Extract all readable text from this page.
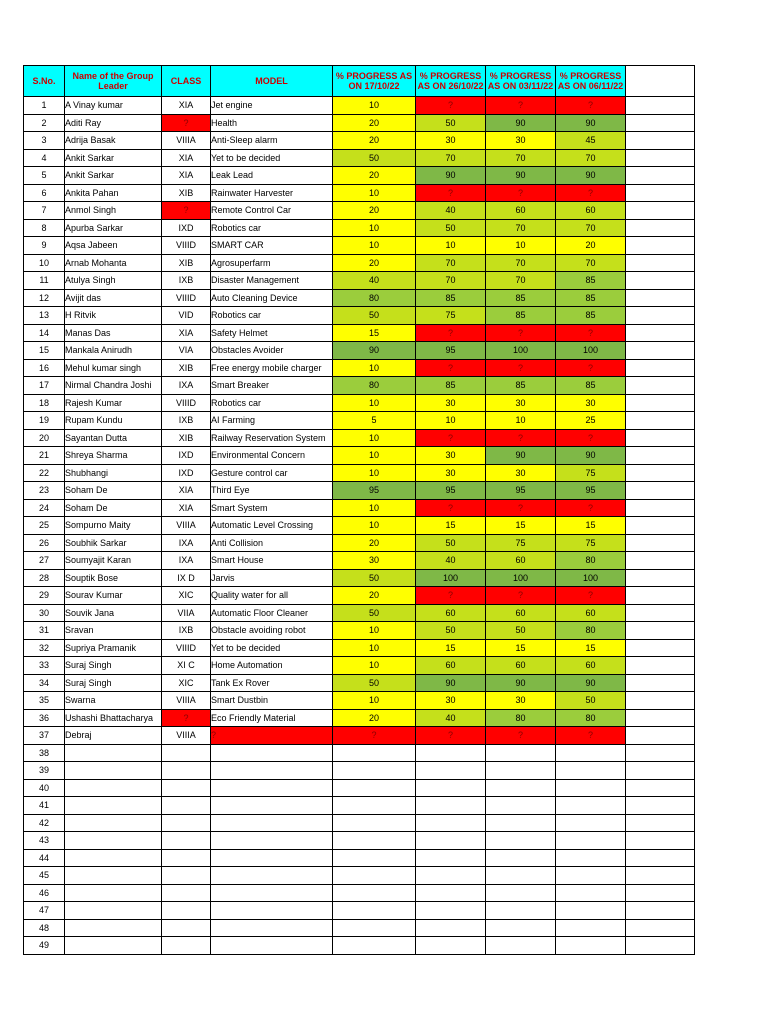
S.No.	Name of the Group Leader	CLASS	MODEL	% PROGRESS AS ON 17/10/22	% PROGRESS AS ON 26/10/22	% PROGRESS AS ON 03/11/22	% PROGRESS AS ON 06/11/22	
1	A Vinay kumar	XIA	Jet engine	10	?	?	?	
2	Aditi Ray	?	Health	20	50	90	90	
3	Adrija Basak	VIIIA	Anti-Sleep alarm	20	30	30	45	
4	Ankit Sarkar	XIA	Yet to be decided	50	70	70	70	
5	Ankit Sarkar	XIA	Leak Lead	20	90	90	90	
6	Ankita Pahan	XIB	Rainwater Harvester	10	?	?	?	
7	Anmol Singh	?	Remote Control Car	20	40	60	60	
8	Apurba Sarkar	IXD	Robotics car	10	50	70	70	
9	Aqsa Jabeen	VIIID	SMART CAR	10	10	10	20	
10	Arnab Mohanta	XIB	Agrosuperfarm	20	70	70	70	
11	Atulya Singh	IXB	Disaster Management	40	70	70	85	
12	Avijit das	VIIID	Auto Cleaning Device	80	85	85	85	
13	H Ritvik	VID	Robotics car	50	75	85	85	
14	Manas Das	XIA	Safety Helmet	15	?	?	?	
15	Mankala Anirudh	VIA	Obstacles Avoider	90	95	100	100	
16	Mehul kumar singh	XIB	Free energy mobile charger	10	?	?	?	
17	Nirmal Chandra Joshi	IXA	Smart Breaker	80	85	85	85	
18	Rajesh Kumar	VIIID	Robotics car	10	30	30	30	
19	Rupam Kundu	IXB	AI Farming	5	10	10	25	
20	Sayantan Dutta	XIB	Railway Reservation System	10	?	?	?	
21	Shreya Sharma	IXD	Environmental Concern	10	30	90	90	
22	Shubhangi	IXD	Gesture control car	10	30	30	75	
23	Soham De	XIA	Third Eye	95	95	95	95	
24	Soham De	XIA	Smart System	10	?	?	?	
25	Sompurno Maity	VIIIA	Automatic Level Crossing	10	15	15	15	
26	Soubhik Sarkar	IXA	Anti Collision	20	50	75	75	
27	Soumyajit Karan	IXA	Smart House	30	40	60	80	
28	Souptik Bose	IX D	Jarvis	50	100	100	100	
29	Sourav Kumar	XIC	Quality water for all	20	?	?	?	
30	Souvik Jana	VIIA	Automatic Floor Cleaner	50	60	60	60	
31	Sravan	IXB	Obstacle avoiding robot	10	50	50	80	
32	Supriya Pramanik	VIIID	Yet to be decided	10	15	15	15	
33	Suraj Singh	XI C	Home Automation	10	60	60	60	
34	Suraj Singh	XIC	Tank Ex Rover	50	90	90	90	
35	Swarna	VIIIA	Smart Dustbin	10	30	30	50	
36	Ushashi Bhattacharya	?	Eco Friendly Material	20	40	80	80	
37	Debraj	VIIIA	?	?	?	?	?	
38								
39								
40								
41								
42								
43								
44								
45								
46								
47								
48								
49								
